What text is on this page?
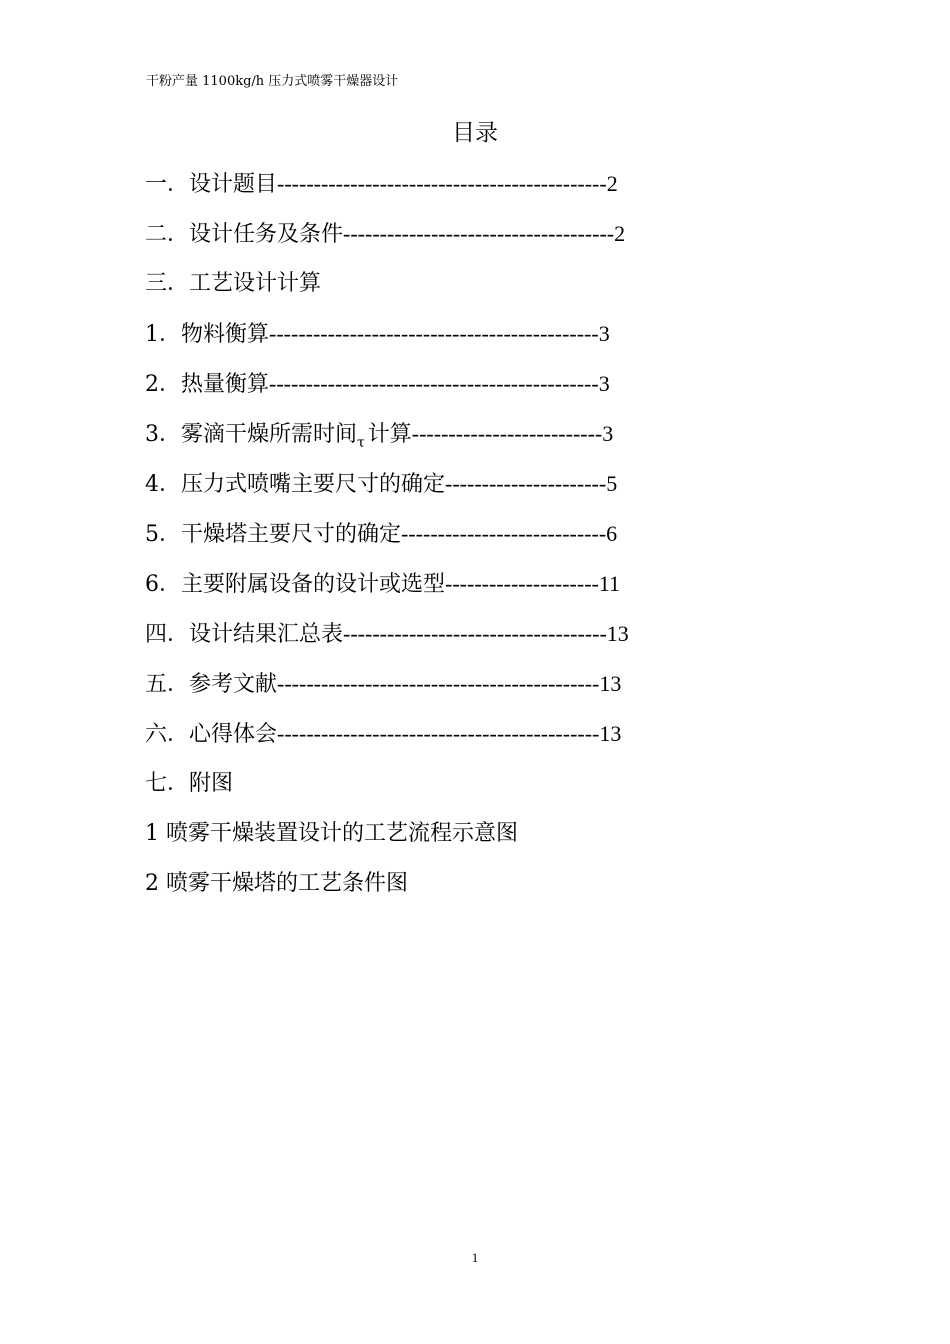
干粉产量 1100kg/h 压力式喷雾干燥器设计
目录
一．设计题目---------------------------------------------2
二．设计任务及条件-------------------------------------2
三．工艺设计计算
1．物料衡算---------------------------------------------3
2．热量衡算---------------------------------------------3
3．雾滴干燥所需时间$_\tau$ 计算--------------------------3
4．压力式喷嘴主要尺寸的确定----------------------5
5．干燥塔主要尺寸的确定----------------------------6
6．主要附属设备的设计或选型---------------------11
四．设计结果汇总表------------------------------------13
五．参考文献--------------------------------------------13
六．心得体会--------------------------------------------13
七．附图
1 喷雾干燥装置设计的工艺流程示意图
2 喷雾干燥塔的工艺条件图
1
